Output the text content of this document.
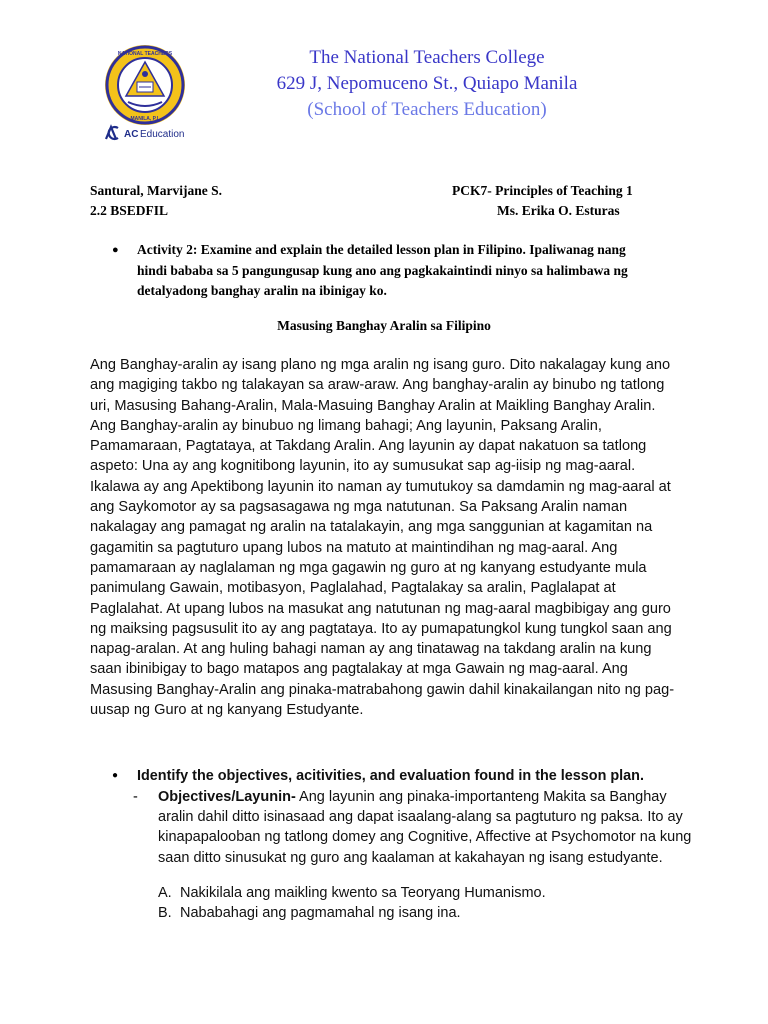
NATIONAL TEACHERS
MANILA, P.I.
AC Education
The National Teachers College
629 J, Nepomuceno St., Quiapo Manila
(School of Teachers Education)
Santural, Marvijane S.
2.2 BSEDFIL
PCK7- Principles of Teaching 1
Ms. Erika O. Esturas
●	Activity 2: Examine and explain the detailed lesson plan in Filipino. Ipaliwanag nang hindi bababa sa 5 pangungusap kung ano ang pagkakaintindi ninyo sa halimbawa ng detalyadong banghay aralin na ibinigay ko.
Masusing Banghay Aralin sa Filipino

Ang Banghay-aralin ay isang plano ng mga aralin ng isang guro. Dito nakalagay kung ano ang magiging takbo ng talakayan sa araw-araw. Ang banghay-aralin ay binubo ng tatlong uri, Masusing Bahang-Aralin, Mala-Masuing Banghay Aralin at Maikling Banghay Aralin. Ang Banghay-aralin ay binubuo ng limang bahagi; Ang layunin, Paksang Aralin, Pamamaraan, Pagtataya, at Takdang Aralin. Ang layunin ay dapat nakatuon sa tatlong aspeto: Una ay ang kognitibong layunin, ito ay sumusukat sap ag-iisip ng mag-aaral. Ikalawa ay ang Apektibong layunin ito naman ay tumutukoy sa damdamin ng mag-aaral at ang Saykomotor ay sa pagsasagawa ng mga natutunan. Sa Paksang Aralin naman nakalagay ang pamagat ng aralin na tatalakayin, ang mga sanggunian at kagamitan na gagamitin sa pagtuturo upang lubos na matuto at maintindihan ng mag-aaral. Ang pamamaraan ay naglalaman ng mga gagawin ng guro at ng kanyang estudyante mula panimulang Gawain, motibasyon, Paglalahad, Pagtalakay sa aralin, Paglalapat at Paglalahat. At upang lubos na masukat ang natutunan ng mag-aaral magbibigay ang guro ng maiksing pagsusulit ito ay ang pagtataya. Ito ay pumapatungkol kung tungkol saan ang napag-aralan. At ang huling bahagi naman ay ang tinatawag na takdang aralin na kung saan ibinibigay to bago matapos ang pagtalakay at mga Gawain ng mag-aaral. Ang Masusing Banghay-Aralin ang pinaka-matrabahong gawin dahil kinakailangan nito ng pag-uusap ng Guro at ng kanyang Estudyante.

●	Identify the objectives, acitivities, and evaluation found in the lesson plan.
-	Objectives/Layunin- Ang layunin ang pinaka-importanteng Makita sa Banghay aralin dahil ditto isinasaad ang dapat isaalang-alang sa pagtuturo ng paksa. Ito ay kinapapalooban ng tatlong domey ang Cognitive, Affective at Psychomotor na kung saan ditto sinusukat ng guro ang kaalaman at kakahayan ng isang estudyante.
A. Nakikilala ang maikling kwento sa Teoryang Humanismo.
B. Nababahagi ang pagmamahal ng isang ina.
